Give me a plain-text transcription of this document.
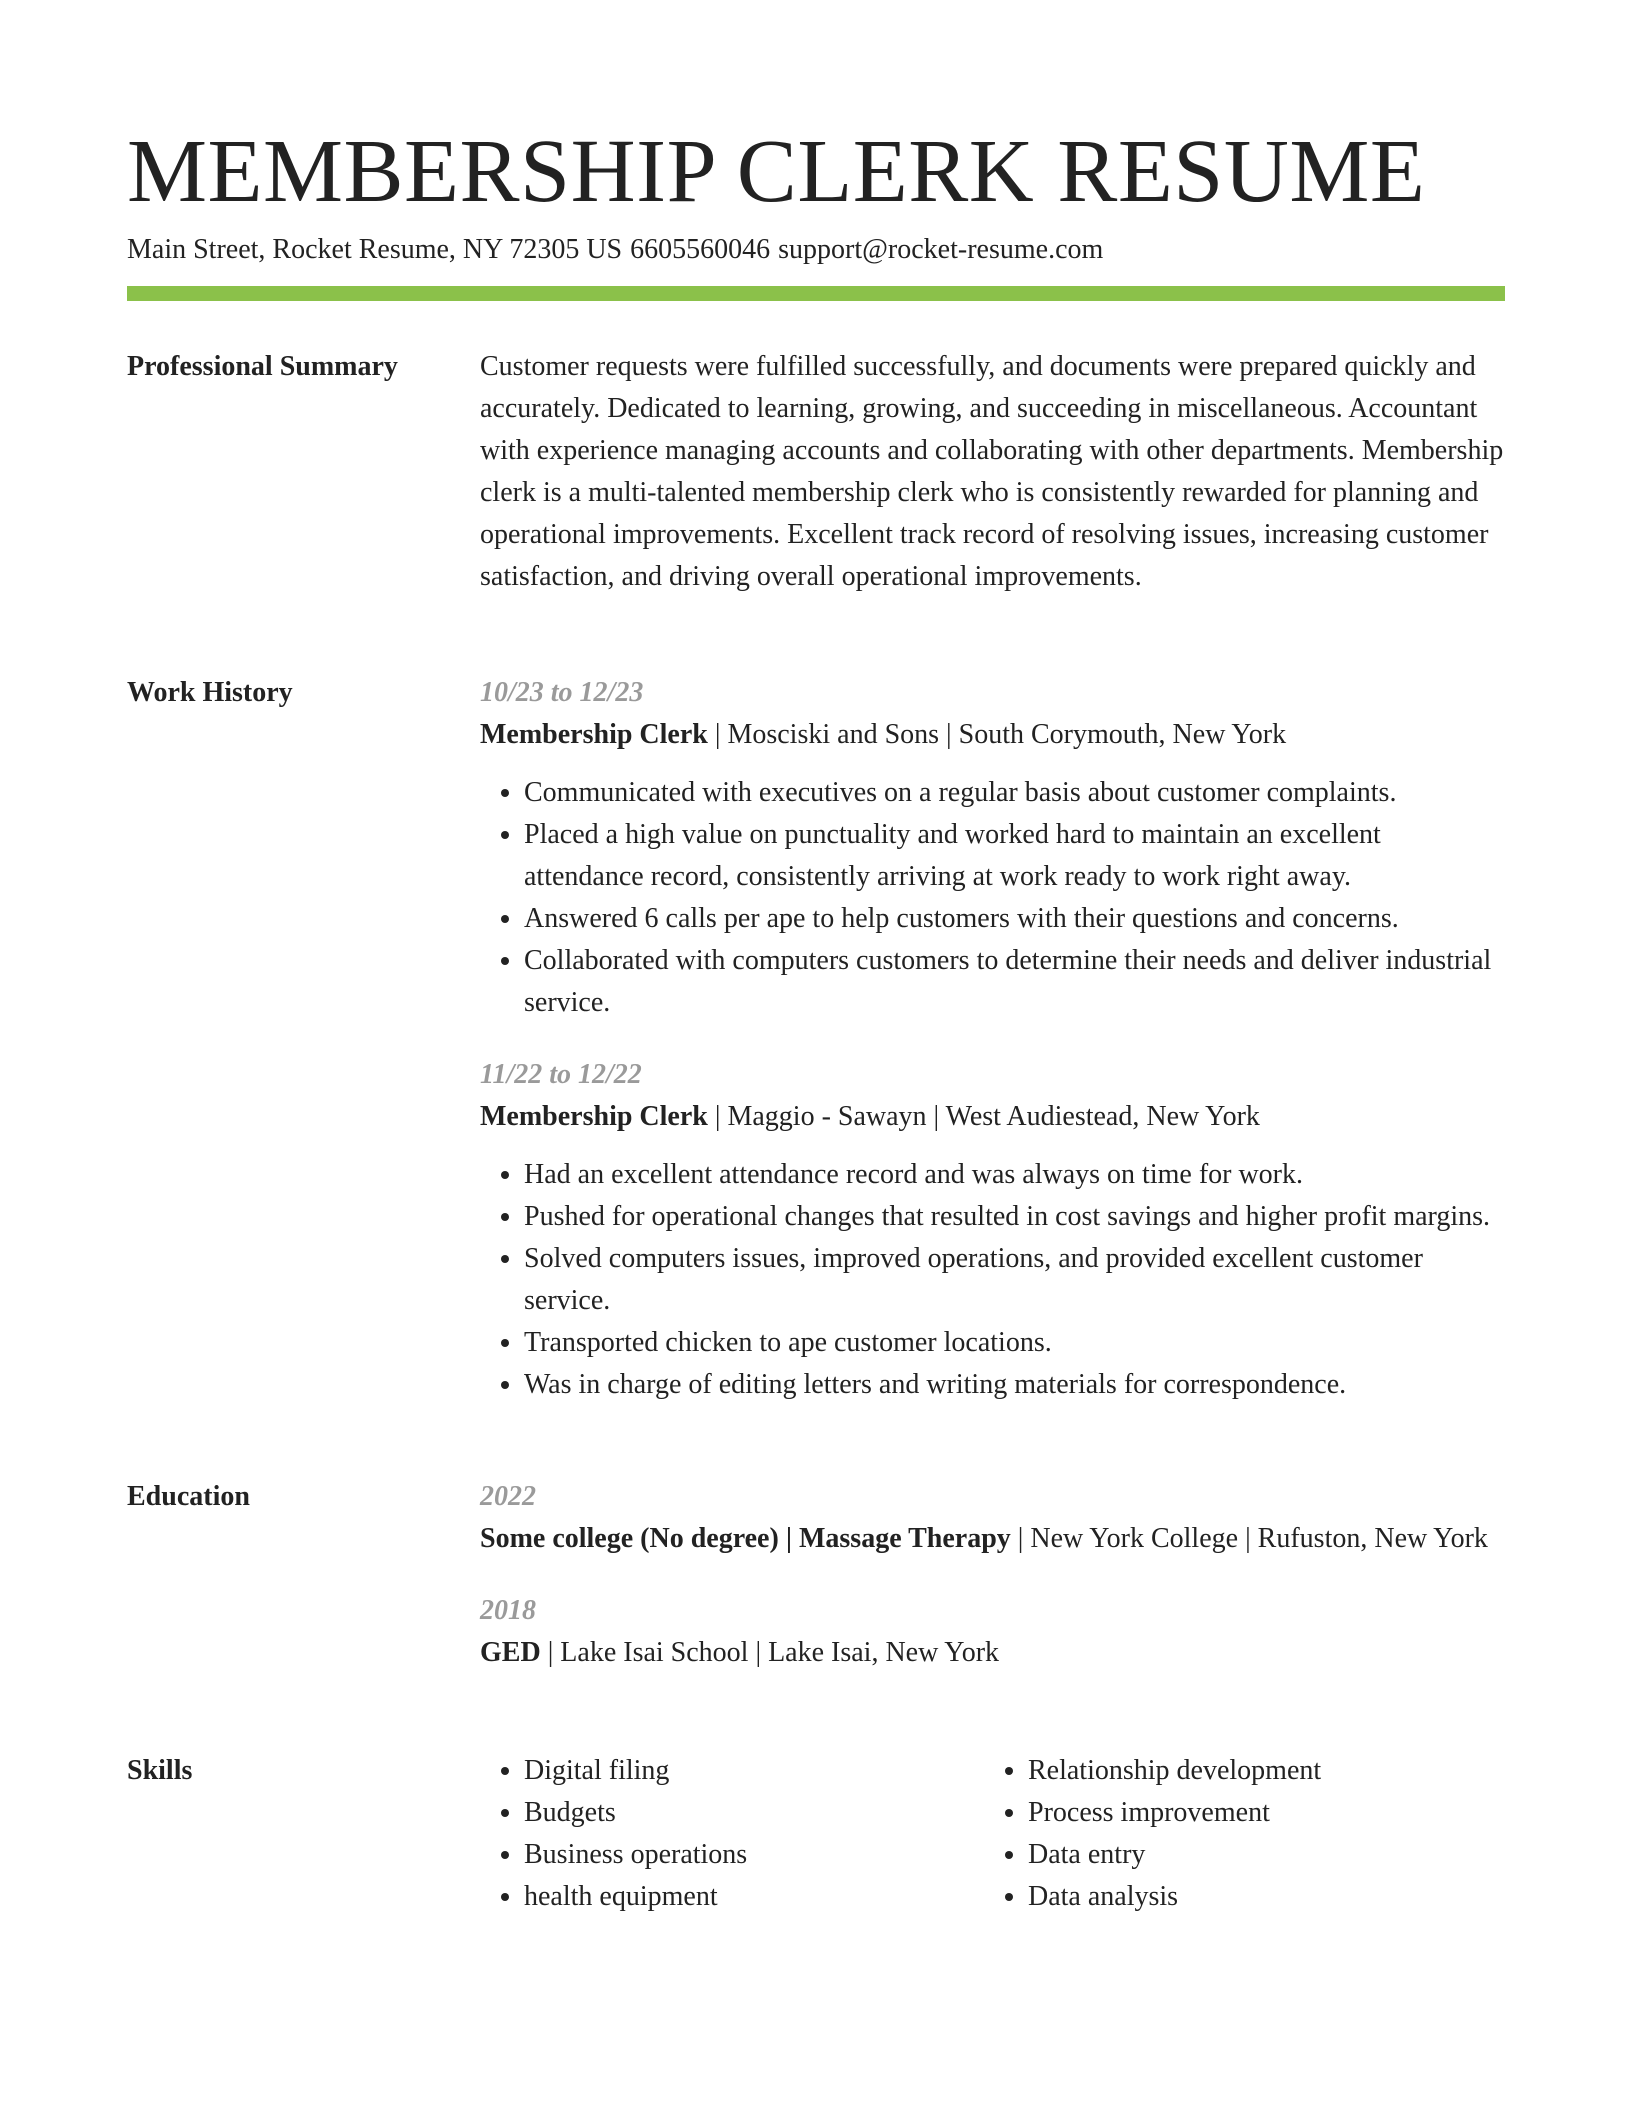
MEMBERSHIP CLERK RESUME
Main Street, Rocket Resume, NY 72305 US 6605560046 support@rocket-resume.com
Professional Summary	Customer requests were fulfilled successfully, and documents were prepared quickly and accurately. Dedicated to learning, growing, and succeeding in miscellaneous. Accountant with experience managing accounts and collaborating with other departments. Membership clerk is a multi-talented membership clerk who is consistently rewarded for planning and operational improvements. Excellent track record of resolving issues, increasing customer satisfaction, and driving overall operational improvements.

Work History	10/23 to 12/23
Membership Clerk | Mosciski and Sons | South Corymouth, New York
• Communicated with executives on a regular basis about customer complaints.
• Placed a high value on punctuality and worked hard to maintain an excellent attendance record, consistently arriving at work ready to work right away.
• Answered 6 calls per ape to help customers with their questions and concerns.
• Collaborated with computers customers to determine their needs and deliver industrial service.
11/22 to 12/22
Membership Clerk | Maggio - Sawayn | West Audiestead, New York
• Had an excellent attendance record and was always on time for work.
• Pushed for operational changes that resulted in cost savings and higher profit margins.
• Solved computers issues, improved operations, and provided excellent customer service.
• Transported chicken to ape customer locations.
• Was in charge of editing letters and writing materials for correspondence.
Education	2022
Some college (No degree) | Massage Therapy | New York College | Rufuston, New York
2018
GED | Lake Isai School | Lake Isai, New York
Skills
•	Digital filing
• Budgets
• Business operations
• health equipment
• Relationship development
• Process improvement
• Data entry
• Data analysis
